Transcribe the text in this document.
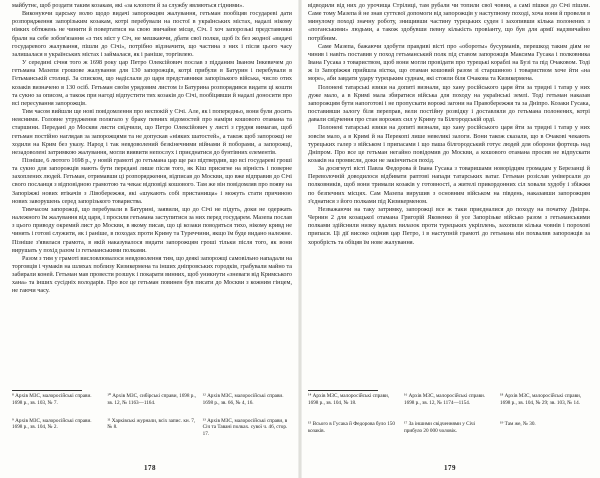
майбутнє, щоб роздати таким козакам, які «за клопоти й за службу являються гідними».

Виконуючи царську волю щодо видачі запорожцям жалування, гетьман пообіцяв государеві дати розпорядження запорізьким козакам, котрі перебували на постої в українських містах, надалі нікому ніяких обтяжень не чинити й повертатися на свою звичайне місце, Січ. І хоч запорозькі представники брали на себе зобов'язання «з тих міст у Січ, не мешкаючи, дбати свої полки, щоб їх без жодної «видачі государевого жалування, пішли до Січі», потрібно відзначити, що частина з них і після цього часу залишалася в українських містах і займалася, як і раніше, торгівлею.

У середині січня того ж 1698 року цар Петро Олексійович послав з підданим Іваном Інкевичем до гетьмана Мазепи грошове жалування для 130 запорожців, котрі прибули в Батурин і перебували в Гетьманській столиці. За списком, що надіслали до царя представники запорізького війська, число отих козаків визначено в 130 осіб. Гетьман своїм урядовим листом із Батурина розпорядився видати ці кошти та сукно за описом, а також при нагоді відпустити тих козаків до Січі, пообіцявши й надалі доносити про всі пересування запорожців.

Тим часом вийшли ще нові повідомлення про неспокій у Січі. Але, як і попередньо, вони були досить неясними. Головне утрудження полягало у браку певних відомостей про наміри кошового отамана та старшини. Передані до Москви листи свідчили, що Петро Олексійович у листі з грудня вимагав, щоб гетьман постійно наглядав за запорожцями та не допускав «ніяких шатостей», а також щоб запорожці не ходили на Крим без указу. Народ і так невдоволений безкінечними війнами й поборами, а запорожці, незадоволені затримкою жалування, могли виявити непослух і приєднатися до бунтівних елементів.

Пізніше, 6 лютого 1698 р., у новій грамоті до гетьмана цар ще раз підтвердив, що всі государеві гроші та сукно для запорожців мають бути передані лише після того, як Кіш присягне на вірність і поверне захоплених людей. Гетьман, отримавши ці розпорядження, відписав до Москви, що вже відправив до Січі свого посланця з відповідною грамотою та чекає відповіді кошового. Там же він повідомляв про появу на Запоріжжі нових втікачів з Лівобережжя, які «шукають собі пристанища» і можуть стати причиною нових заворушень серед запорізького товариства.

Тимчасом запорожці, що перебували в Батурині, заявили, що до Січі не підуть, доки не одержать належного їм жалування від царя, і просили гетьмана заступитися за них перед государем. Мазепа послав з цього приводу окремий лист до Москви, в якому писав, що ці козаки поводяться тихо, нікому кривд не чинять і готові служити, як і раніше, в походах проти Криму та Туреччини, якщо їм буде видано належне. Пізніше з'явилася грамота, в якій наказувалося видати запорожцям гроші тільки після того, як вони вирушать у похід разом із гетьманськими полками.

Разом з тим у грамоті висловлювалося невдоволення тим, що деякі запорожці самовільно нападали на торговців і чумаків на шляхах поблизу Кизикермена та інших дніпровських городків, грабували майно та забирали коней. Гетьман мав провести розшук і покарати винних, щоб уникнути «зневаги від Кримського хана» та інших сусідніх володарів. Про все це гетьман повинен був писати до Москви з кожним гінцем, не гаючи часу.

⁸ Архів МЗС, малоросійські справи. 1698 р., зв. 103, № 7.
¹⁰ Архів МЗС, сибірські справи, 1698 р., зв. 12, № 1163—1164.
¹² Архів МЗС, малоросійські справи. 1698 р., зв. 66, № 4, 16.
⁹ Архів МЗС, малоросійські справи. 1698 р., зв. 104, № 2.
¹¹ Харківські журнали, всіх запис. кн. 7, № 8.
¹³ Архів МЗС, малоросійські справи, в Січ та Тавані полках. сувої ч. 46, стор. 17.
178

відводили від них до урочища Стрілиці, там рубали чи топили свої човни, а самі пішки до Січі пішли. Саме тому Мазепа й не знав суттєвої допомоги від запорожців у наступному поході, хоча вони й провели в минулому поході значну роботу, знищивши частину турецьких суден і захопивши кілька полонених з «поганськими» людьми, а також здобувши певну кількість провіанту, що був для армії надзвичайно потрібним.

Саме Мазепа, бажаючи здобути правдиві вісті про «обороты» бусурманів, перешкод таким діям не чинив і навіть поставив у поход гетьманський полк під ставом запорожців Максима Гусака і полковника Івана Гусака з товариством, щоб вони могли провідати про турецькі кораблі на Бузі та під Очаковом. Тоді ж із Запоріжжя прийшла вістка, що отаман кошовий разом зі старшиною і товариством хоче йти «на море», аби завдати удару турецьким суднам, які стояли біля Очакова та Кизикермена.

Полонені татарські язики на допиті визнали, що хану російського царя йти за тридні і татар у них дуже мало, а в Кримі мала збиратися війська для походу на українські землі. Тоді гетьман наказав запорожцям бути напоготові і не пропускати ворожі загони на Правобережжя та за Дніпро. Козаки Гусака, поставивши залогу біля переправ, вели постійну розвідку і доставляли до гетьмана полонених, котрі давали свідчення про стан ворожих сил у Криму та Білгородській орді.

Полонені татарські язики на допиті визнали, що хану російського царя йти за тридні і татар у них зовсім мало, а в Кримі й на Перекопі лише невеликі залоги. Вони також сказали, що в Очакові чекають турецьких галер з військом і припасами і що паша білгородський готує людей для оборони фортець над Дніпром. Про все це гетьман негайно повідомив до Москви, а кошового отамана просив не відпускати козаків на промисли, доки не закінчиться похід.

За досягнуті вісті Павла Федорова й Івана Гусака з товаришами новорідцям громадам у Березанці й Переволочній доводилося відбивати раптові напади татарських ватаг. Гетьман розіслав універсали до полковників, щоб вони тримали козаків у готовності, а жителі прикордонних сіл ховали худобу і збіжжя по безпечних місцях. Сам Мазепа вирушив з основним військом на південь, наказавши запорожцям з'єднатися з його полками під Кизикерменом.

Незважаючи на таку затримку, запорожці все ж таки приєдналися до походу на початку Дніпра. Чернин 2 для козацької отамана Григорій Яковенко й усе Запорізьке військо разом з гетьманськими полками здійснили низку вдалих вилазок проти турецьких укріплень, захопили кілька човнів і порохові припаси. Ці дії високо оцінив цар Петро, і в наступній грамоті до гетьмана він похвалив запорожців за хоробрість та обіцяв їм нове жалування.

¹⁴ Архів МЗС, малоросійські справи, 1698 р., зв. 104, № 18.
¹⁶ Архів МЗС, малоросійські справи. 1698 р., зв. 12, № 1174—1154.
¹⁸ Архів МЗС, малоросійські справи, 1698 р., зв. 104, № 29; зв. 103, № 14.
¹⁵ Всього в Гусака й Федорова було 150 козаків.
¹⁷ За іншими свідченнями у Січі прибуло 20 000 чоловік.
¹⁹ Там же, № 30.
179
